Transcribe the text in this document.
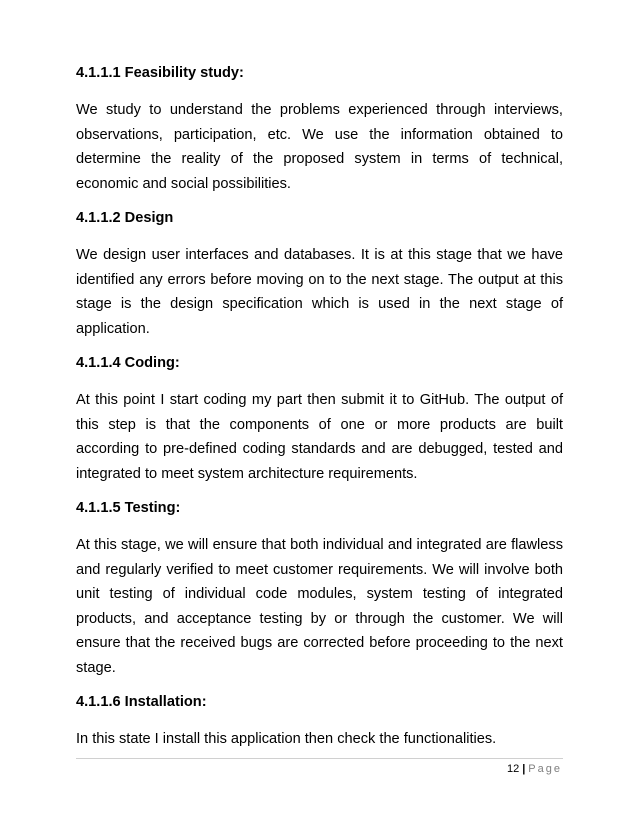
4.1.1.1 Feasibility study:

We study to understand the problems experienced through interviews, observations, participation, etc. We use the information obtained to determine the reality of the proposed system in terms of technical, economic and social possibilities.

4.1.1.2 Design

We design user interfaces and databases. It is at this stage that we have identified any errors before moving on to the next stage. The output at this stage is the design specification which is used in the next stage of application.

4.1.1.4 Coding:

At this point I start coding my part then submit it to GitHub. The output of this step is that the components of one or more products are built according to pre-defined coding standards and are debugged, tested and integrated to meet system architecture requirements.

4.1.1.5 Testing:

At this stage, we will ensure that both individual and integrated are flawless and regularly verified to meet customer requirements. We will involve both unit testing of individual code modules, system testing of integrated products, and acceptance testing by or through the customer. We will ensure that the received bugs are corrected before proceeding to the next stage.

4.1.1.6 Installation:

In this state I install this application then check the functionalities.

12 | Page
